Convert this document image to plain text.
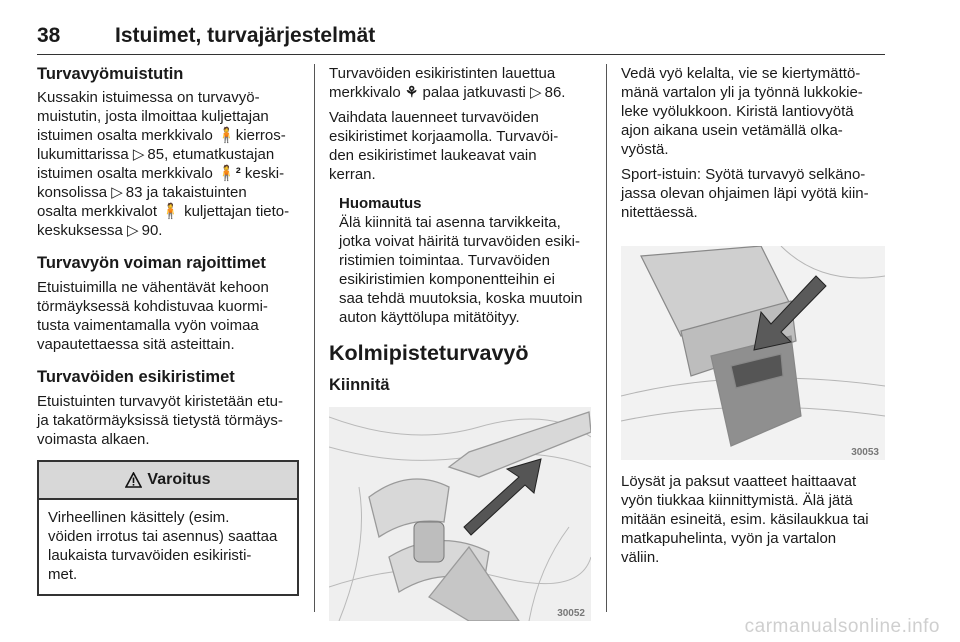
38	Istuimet, turvajärjestelmät
Turvavyömuistutin

Kussakin istuimessa on turvavyö-
muistutin, josta ilmoittaa kuljettajan
istuimen osalta merkkivalo 🧍kierros-
lukumittarissa ▷  85, etumatkustajan
istuimen osalta merkkivalo 🧍² keski-
konsolissa ▷  83 ja takaistuinten
osalta merkkivalot 🧍 kuljettajan tieto-
keskuksessa ▷  90.

Turvavyön voiman rajoittimet

Etuistuimilla ne vähentävät kehoon
törmäyksessä kohdistuvaa kuormi-
tusta vaimentamalla vyön voimaa
vapautettaessa sitä asteittain.

Turvavöiden esikiristimet

Etuistuinten turvavyöt kiristetään etu-
ja takatörmäyksissä tietystä törmäys-
voimasta alkaen.

Varoitus

Virheellinen käsittely (esim.
vöiden irrotus tai asennus) saattaa
laukaista turvavöiden esikiristi-
met.

Turvavöiden esikiristinten lauettua
merkkivalo ⚘ palaa jatkuvasti ▷  86.

Vaihdata lauenneet turvavöiden
esikiristimet korjaamolla. Turvavöi-
den esikiristimet laukeavat vain
kerran.

Huomautus

Älä kiinnitä tai asenna tarvikkeita,
jotka voivat häiritä turvavöiden esiki-
ristimien toimintaa. Turvavöiden
esikiristimien komponentteihin ei
saa tehdä muutoksia, koska muutoin
auton käyttölupa mitätöityy.

Kolmipisteturvavyö
Kiinnitä
30052

Vedä vyö kelalta, vie se kiertymättö-
mänä vartalon yli ja työnnä lukkokie-
leke vyölukkoon. Kiristä lantiovyötä
ajon aikana usein vetämällä olka-
vyöstä.

Sport-istuin: Syötä turvavyö selkäno-
jassa olevan ohjaimen läpi vyötä kiin-
nitettäessä.

30053

Löysät ja paksut vaatteet haittaavat
vyön tiukkaa kiinnittymistä. Älä jätä
mitään esineitä, esim. käsilaukkua tai
matkapuhelinta, vyön ja vartalon
väliin.

carmanualsonline.info
